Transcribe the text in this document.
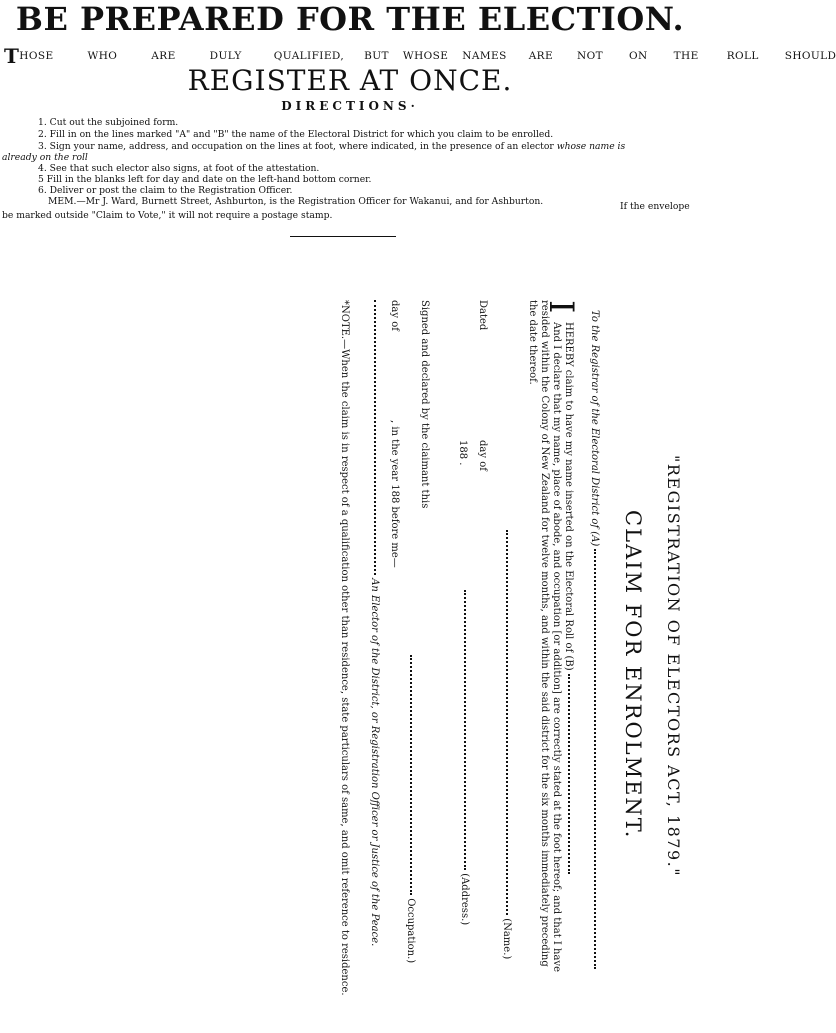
BE PREPARED FOR THE ELECTION.
THOSE	WHO	ARE	DULY	QUALIFIED, BUT WHOSE NAMES ARE NOT ON THE	ROLL SHOULD
REGISTER AT ONCE.
DIRECTIONS·
1. Cut out the subjoined form.
2. Fill in on the lines marked "A" and "B" the name of the Electoral District for which you claim to be enrolled.
3. Sign your name, address, and occupation on the lines at foot, where indicated, in the presence of an elector whose name is
already on the roll
4. See that such elector also signs, at foot of the attestation.
5 Fill in the blanks left for day and date on the left-hand bottom corner.
6. Deliver or post the claim to the Registration Officer.
MEM.—Mr J. Ward, Burnett Street, Ashburton, is the Registration Officer for Wakanui, and for Ashburton.	If the envelope
be marked outside "Claim to Vote," it will not require a postage stamp.
"REGISTRATION OF ELECTORS ACT, 1879."
CLAIM FOR ENROLMENT.
To the Registrar of the Electoral District of (A)
I
HEREBY claim to have my name inserted on the Electoral Roll of (B)
And I declare that my name, place of abode, and occupation [or addition] are correctly stated at the foot hereof; and that I have
resided within the Colony of New Zealand for twelve months, and within the said district for the six months immediately preceding
the date thereof.
Dated
day of
188 .
(Name.)
(Address.)
Occupation.)
Signed and declared by the claimant this
day of
, in the year 188 before me—
An Elector of the District, or Registration Officer or Justice of the Peace.
*NOTE.—When the claim is in respect of a qualification other than residence, state particulars of same, and omit reference to residence.
